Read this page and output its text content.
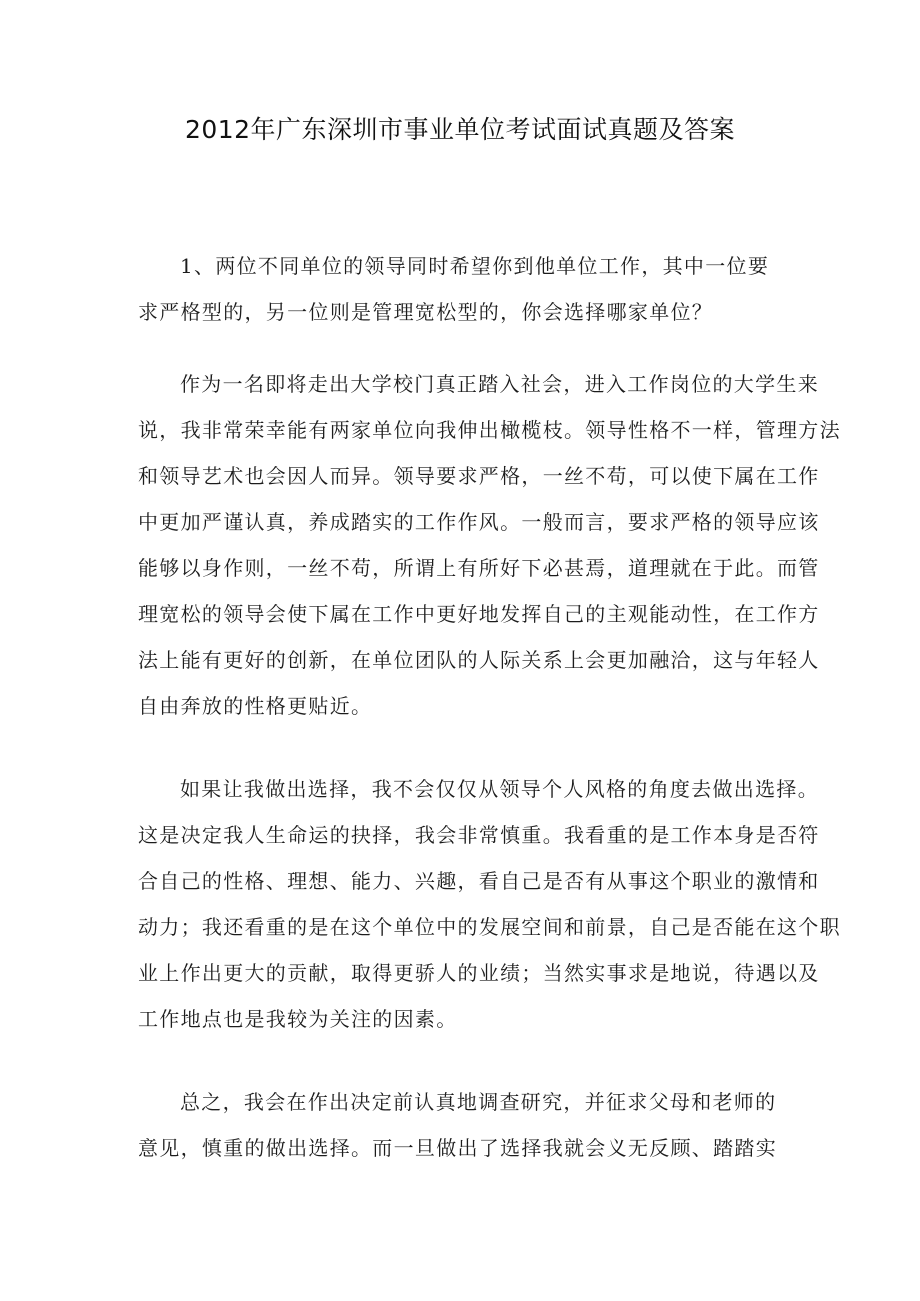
2012年广东深圳市事业单位考试面试真题及答案
1、两位不同单位的领导同时希望你到他单位工作，其中一位要
求严格型的，另一位则是管理宽松型的，你会选择哪家单位？
作为一名即将走出大学校门真正踏入社会，进入工作岗位的大学生来
说，我非常荣幸能有两家单位向我伸出橄榄枝。领导性格不一样，管理方法
和领导艺术也会因人而异。领导要求严格，一丝不苟，可以使下属在工作
中更加严谨认真，养成踏实的工作作风。一般而言，要求严格的领导应该
能够以身作则，一丝不苟，所谓上有所好下必甚焉，道理就在于此。而管
理宽松的领导会使下属在工作中更好地发挥自己的主观能动性，在工作方
法上能有更好的创新，在单位团队的人际关系上会更加融洽，这与年轻人
自由奔放的性格更贴近。
如果让我做出选择，我不会仅仅从领导个人风格的角度去做出选择。
这是决定我人生命运的抉择，我会非常慎重。我看重的是工作本身是否符
合自己的性格、理想、能力、兴趣，看自己是否有从事这个职业的激情和
动力；我还看重的是在这个单位中的发展空间和前景，自己是否能在这个职
业上作出更大的贡献，取得更骄人的业绩；当然实事求是地说，待遇以及
工作地点也是我较为关注的因素。
总之，我会在作出决定前认真地调查研究，并征求父母和老师的
意见，慎重的做出选择。而一旦做出了选择我就会义无反顾、踏踏实
